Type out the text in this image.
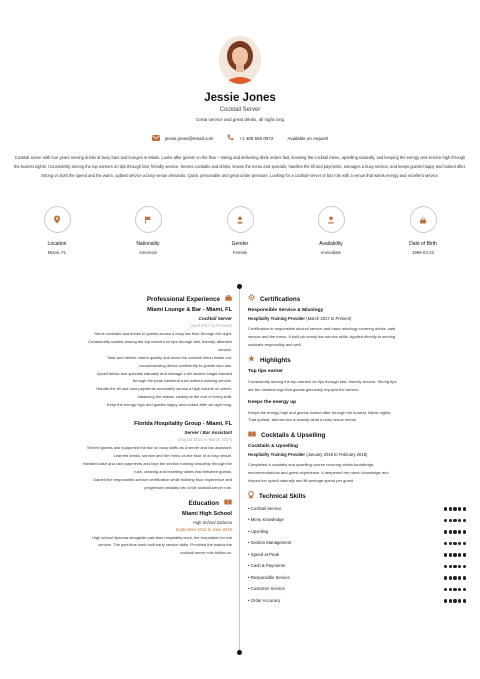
Jessie Jones
Cocktail Server
Great service and great drinks, all night long
jessie.jones@email.com	+1 305 555 0872	Available on request
Cocktail server with four years serving drinks at busy bars and lounges in Miami. Looks after guests on the floor – taking and delivering drink orders fast, knowing the cocktail menu, upselling naturally, and keeping the energy and service high through the busiest nights. Consistently among the top earners on tips through fast, friendly service. Serves cocktails and drinks, knows the menu and specials, handles the till and payments, manages a busy section, and keeps guests happy and looked after. Strong on both the speed and the warm, upbeat service a busy venue demands. Quick, personable and great under pressure. Looking for a cocktail-server or bar role with a venue that wants energy and excellent service.
Location
Miami, FL
Nationality
American
Gender
Female
Availability
Immediate
Date of Birth
1999-03-22
Professional Experience
Miami Lounge & Bar - Miami, FL
Cocktail Server
(April 2017 to Present)

Serve cocktails and drinks to guests across a busy bar floor through the night.
Consistently ranked among the top earners on tips through fast, friendly, attentive
service.
Take and deliver orders quickly and know the cocktail menu inside out,
recommending drinks confidently to guests who ask.
Upsell drinks and specials naturally and manage a full section single-handed
through the peak weekend rush without slowing service.
Handle the till and card payments accurately across a high volume of orders,
balancing the drawer cleanly at the end of every shift.
Keep the energy high and guests happy and looked after all night long.

Florida Hospitality Group - Miami, FL
Server / Bar Assistant
(August 2016 to March 2017)

Served guests and supported the bar on busy shifts as a server and bar assistant.
Learned drinks, service and the menu on the floor of a busy venue.
Handled cash and card payments and kept the section running smoothly through the
rush, clearing and resetting tables fast between guests.
Gained the responsible-service certification while building floor experience and
progressed steadily into a full cocktail-server role.

Education
Miami High School
High School Diploma
September 2012 to June 2016

High school diploma alongside part-time hospitality work, the foundation for bar
service. The part-time work built early service skills. Provided the basics the
cocktail-server role builds on.

Certifications
Responsible Service & Mixology
Hospitality Training Provider (March 2017 to Present)

Certification in responsible alcohol service and basic mixology covering drinks, safe
service and the menu. It built job-ready bar-service skills. Applied directly to serving
cocktails responsibly and well.

Highlights
Top tips earner

Consistently among the top earners on tips through fast, friendly service. Strong tips
are the clearest sign that guests genuinely enjoyed the service.

Keeps the energy up

Keeps the energy high and guests looked after through the busiest, fullest nights.
That upbeat, fast service is exactly what a busy venue needs.

Cocktails & Upselling
Cocktails & Upselling
Hospitality Training Provider (January 2019 to February 2019)

Completed a cocktails and upselling course covering drinks knowledge,
recommendations and guest experience. It deepened her menu knowledge and
helped her upsell naturally and lift average spend per guest.

Technical Skills
• Cocktail Service
• Menu Knowledge
• Upselling
• Section Management
• Speed at Peak
• Cash & Payments
• Responsible Service
• Customer Service
• Order Accuracy
